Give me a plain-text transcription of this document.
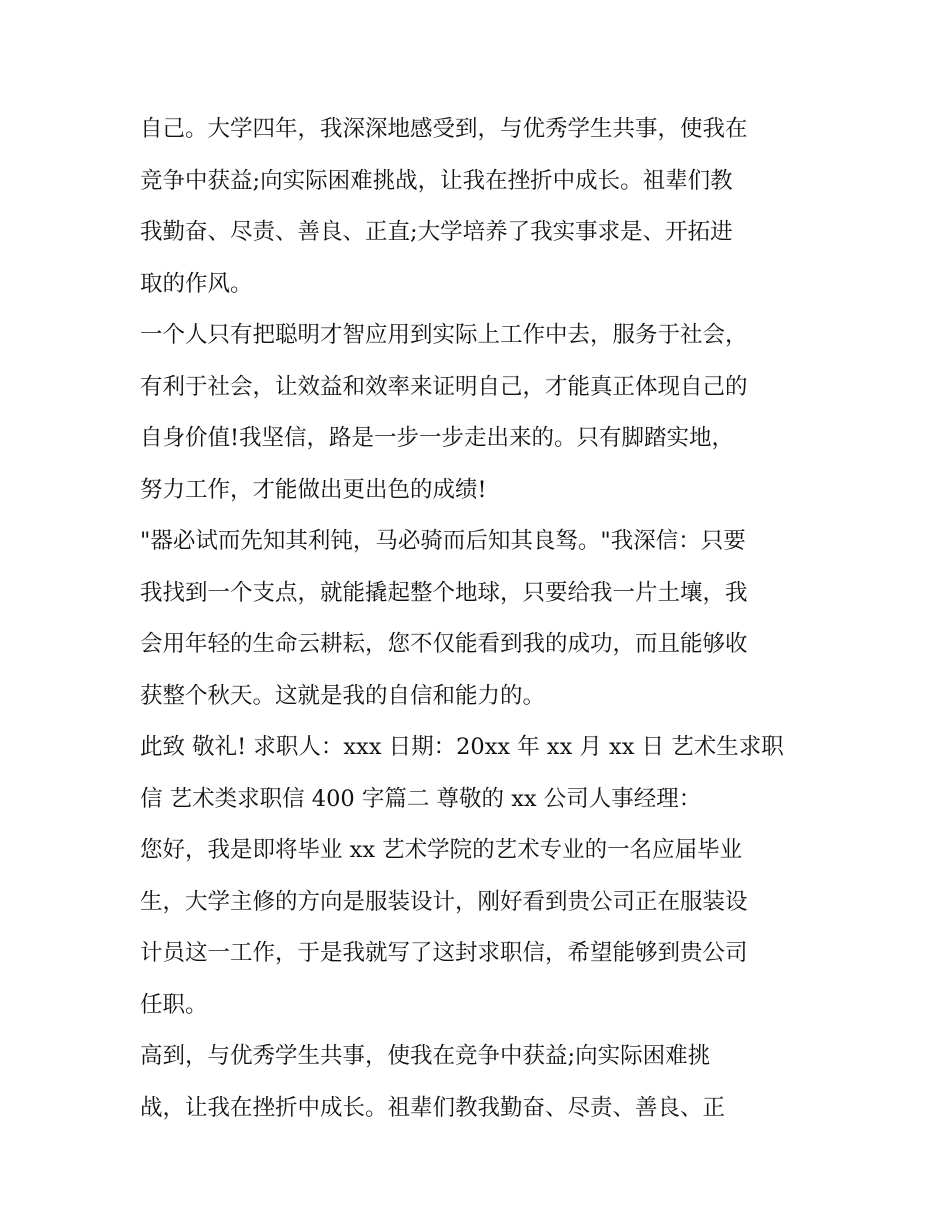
自己。大学四年，我深深地感受到，与优秀学生共事，使我在
竞争中获益;向实际困难挑战，让我在挫折中成长。祖辈们教
我勤奋、尽责、善良、正直;大学培养了我实事求是、开拓进
取的作风。
一个人只有把聪明才智应用到实际上工作中去，服务于社会，
有利于社会，让效益和效率来证明自己，才能真正体现自己的
自身价值!我坚信，路是一步一步走出来的。只有脚踏实地，
努力工作，才能做出更出色的成绩!
"器必试而先知其利钝，马必骑而后知其良驽。"我深信：只要
我找到一个支点，就能撬起整个地球，只要给我一片土壤，我
会用年轻的生命云耕耘，您不仅能看到我的成功，而且能够收
获整个秋天。这就是我的自信和能力的。
此致 敬礼! 求职人：xxx 日期：20xx 年 xx 月 xx 日 艺术生求职
信 艺术类求职信 400 字篇二 尊敬的 xx 公司人事经理：
您好，我是即将毕业 xx 艺术学院的艺术专业的一名应届毕业
生，大学主修的方向是服装设计，刚好看到贵公司正在服装设
计员这一工作，于是我就写了这封求职信，希望能够到贵公司
任职。
高到，与优秀学生共事，使我在竞争中获益;向实际困难挑
战，让我在挫折中成长。祖辈们教我勤奋、尽责、善良、正
